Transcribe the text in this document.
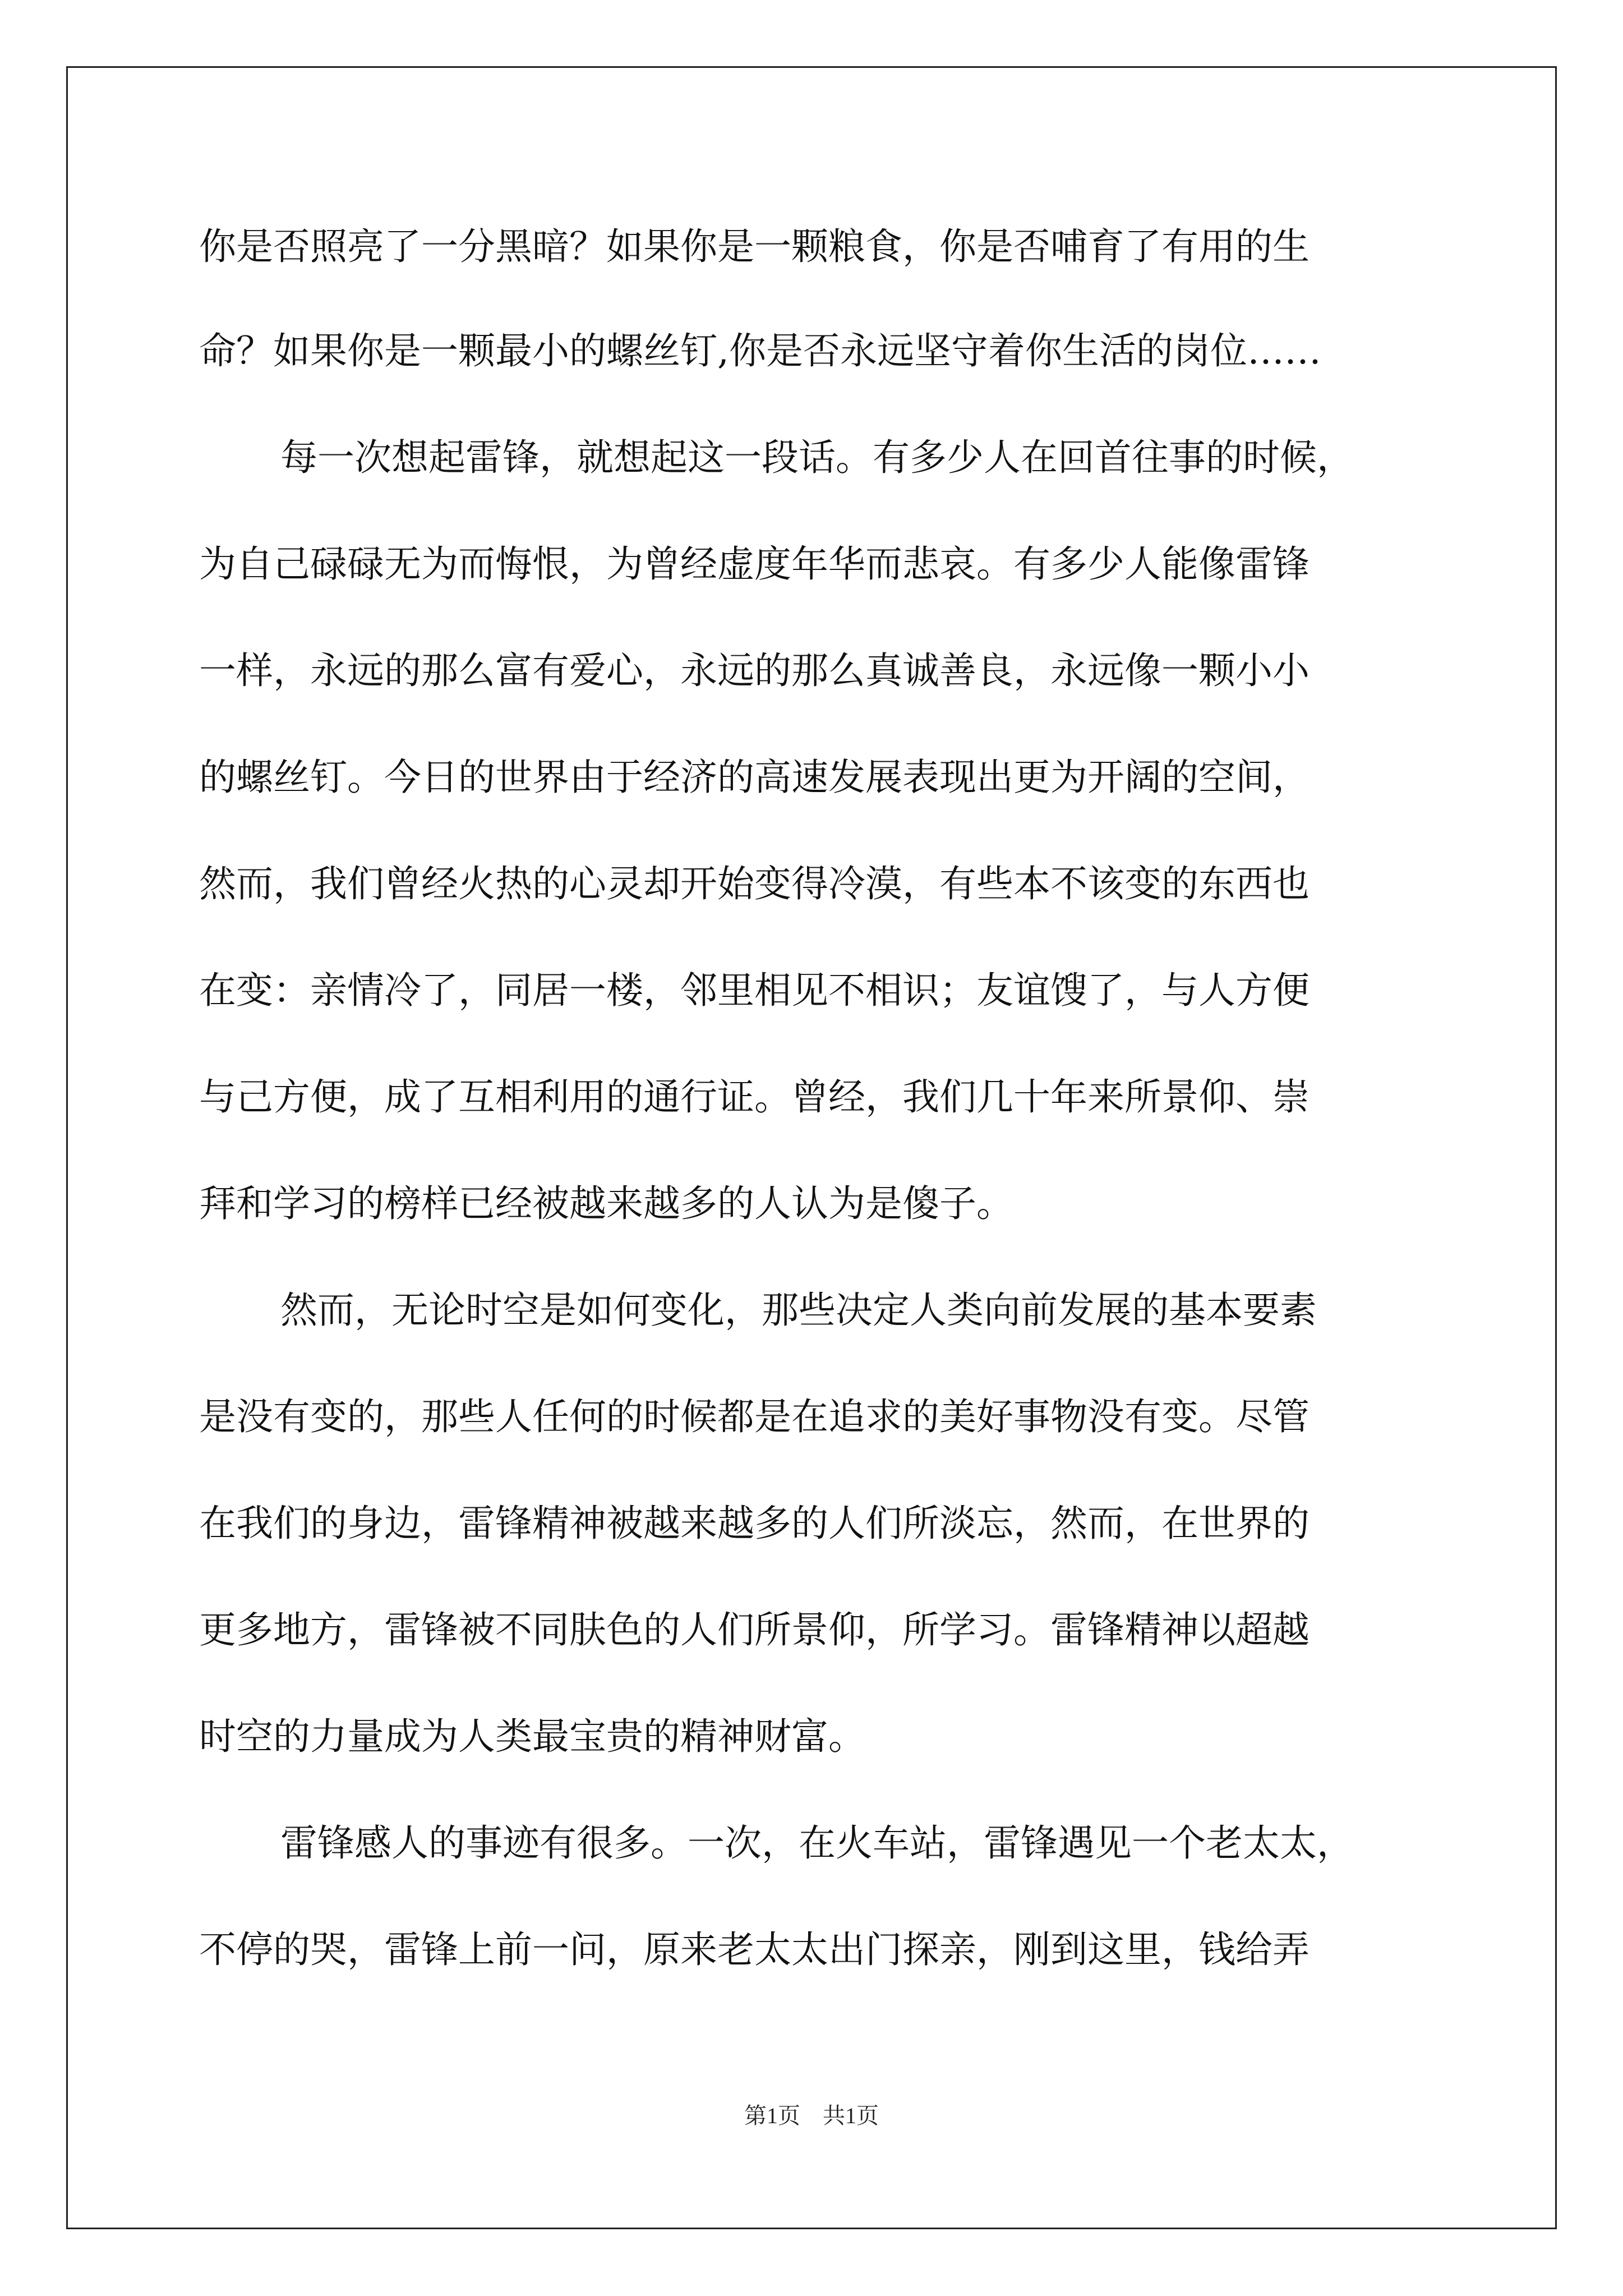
你是否照亮了一分黑暗？如果你是一颗粮食，你是否哺育了有用的生
命？如果你是一颗最小的螺丝钉,你是否永远坚守着你生活的岗位……
每一次想起雷锋，就想起这一段话。有多少人在回首往事的时候，
为自己碌碌无为而悔恨，为曾经虚度年华而悲哀。有多少人能像雷锋
一样，永远的那么富有爱心，永远的那么真诚善良，永远像一颗小小
的螺丝钉。今日的世界由于经济的高速发展表现出更为开阔的空间，
然而，我们曾经火热的心灵却开始变得冷漠，有些本不该变的东西也
在变：亲情冷了，同居一楼，邻里相见不相识；友谊馊了，与人方便
与己方便，成了互相利用的通行证。曾经，我们几十年来所景仰、崇
拜和学习的榜样已经被越来越多的人认为是傻子。
然而，无论时空是如何变化，那些决定人类向前发展的基本要素
是没有变的，那些人任何的时候都是在追求的美好事物没有变。尽管
在我们的身边，雷锋精神被越来越多的人们所淡忘，然而，在世界的
更多地方，雷锋被不同肤色的人们所景仰，所学习。雷锋精神以超越
时空的力量成为人类最宝贵的精神财富。
雷锋感人的事迹有很多。一次，在火车站，雷锋遇见一个老太太，
不停的哭，雷锋上前一问，原来老太太出门探亲，刚到这里，钱给弄
第1页　共1页
